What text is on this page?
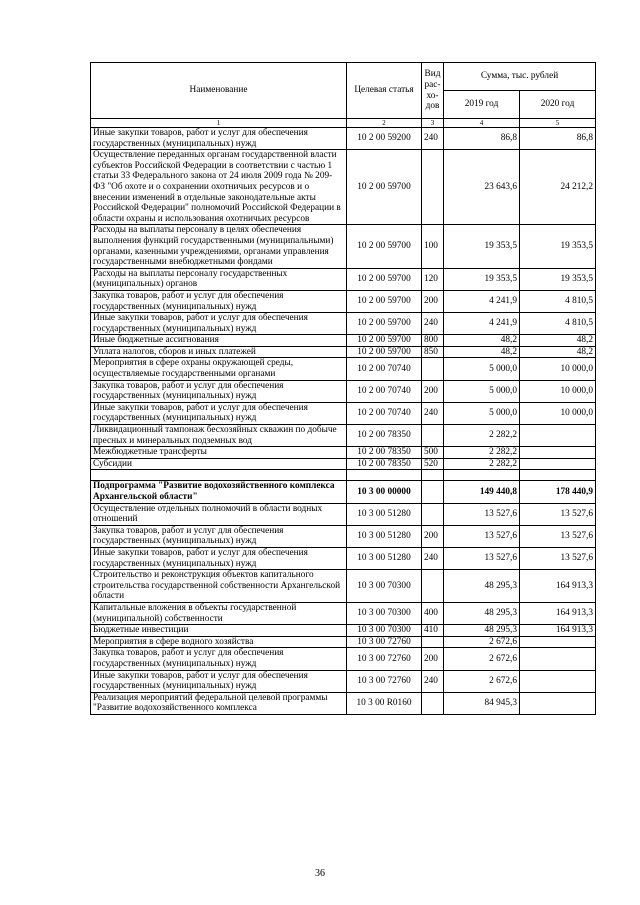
Наименование	Целевая статья	Вид рас-хо-дов	Сумма, тыс. рублей	
			2019 год	2020 год
1	2	3	4	5
Иные закупки товаров, работ и услуг для обеспечения государственных (муниципальных) нужд	10 2 00 59200	240	86,8	86,8
Осуществление переданных органам государственной власти субъектов Российской Федерации в соответствии с частью 1 статьи 33 Федерального закона от 24 июля 2009 года № 209-ФЗ "Об охоте и о сохранении охотничьих ресурсов и о внесении изменений в отдельные законодательные акты Российской Федерации" полномочий Российской Федерации в области охраны и использования охотничьих ресурсов	10 2 00 59700		23 643,6	24 212,2
Расходы на выплаты персоналу в целях обеспечения выполнения функций государственными (муниципальными) органами, казенными учреждениями, органами управления государственными внебюджетными фондами	10 2 00 59700	100	19 353,5	19 353,5
Расходы на выплаты персоналу государственных (муниципальных) органов	10 2 00 59700	120	19 353,5	19 353,5
Закупка товаров, работ и услуг для обеспечения государственных (муниципальных) нужд	10 2 00 59700	200	4 241,9	4 810,5
Иные закупки товаров, работ и услуг для обеспечения государственных (муниципальных) нужд	10 2 00 59700	240	4 241,9	4 810,5
Иные бюджетные ассигнования	10 2 00 59700	800	48,2	48,2
Уплата налогов, сборов и иных платежей	10 2 00 59700	850	48,2	48,2
Мероприятия в сфере охраны окружающей среды, осуществляемые государственными органами	10 2 00 70740		5 000,0	10 000,0
Закупка товаров, работ и услуг для обеспечения государственных (муниципальных) нужд	10 2 00 70740	200	5 000,0	10 000,0
Иные закупки товаров, работ и услуг для обеспечения государственных (муниципальных) нужд	10 2 00 70740	240	5 000,0	10 000,0
Ликвидационный тампонаж бесхозяйных скважин по добыче пресных и минеральных подземных вод	10 2 00 78350		2 282,2	
Межбюджетные трансферты	10 2 00 78350	500	2 282,2	
Субсидии	10 2 00 78350	520	2 282,2	

Подпрограмма "Развитие водохозяйственного комплекса Архангельской области"	10 3 00 00000		149 440,8	178 440,9
Осуществление отдельных полномочий в области водных отношений	10 3 00 51280		13 527,6	13 527,6
Закупка товаров, работ и услуг для обеспечения государственных (муниципальных) нужд	10 3 00 51280	200	13 527,6	13 527,6
Иные закупки товаров, работ и услуг для обеспечения государственных (муниципальных) нужд	10 3 00 51280	240	13 527,6	13 527,6
Строительство и реконструкция объектов капитального строительства государственной собственности Архангельской области	10 3 00 70300		48 295,3	164 913,3
Капитальные вложения в объекты государственной (муниципальной) собственности	10 3 00 70300	400	48 295,3	164 913,3
Бюджетные инвестиции	10 3 00 70300	410	48 295,3	164 913,3
Мероприятия в сфере водного хозяйства	10 3 00 72760		2 672,6	
Закупка товаров, работ и услуг для обеспечения государственных (муниципальных) нужд	10 3 00 72760	200	2 672,6	
Иные закупки товаров, работ и услуг для обеспечения государственных (муниципальных) нужд	10 3 00 72760	240	2 672,6	
Реализация мероприятий федеральной целевой программы "Развитие водохозяйственного комплекса	10 3 00 R0160		84 945,3	
36
